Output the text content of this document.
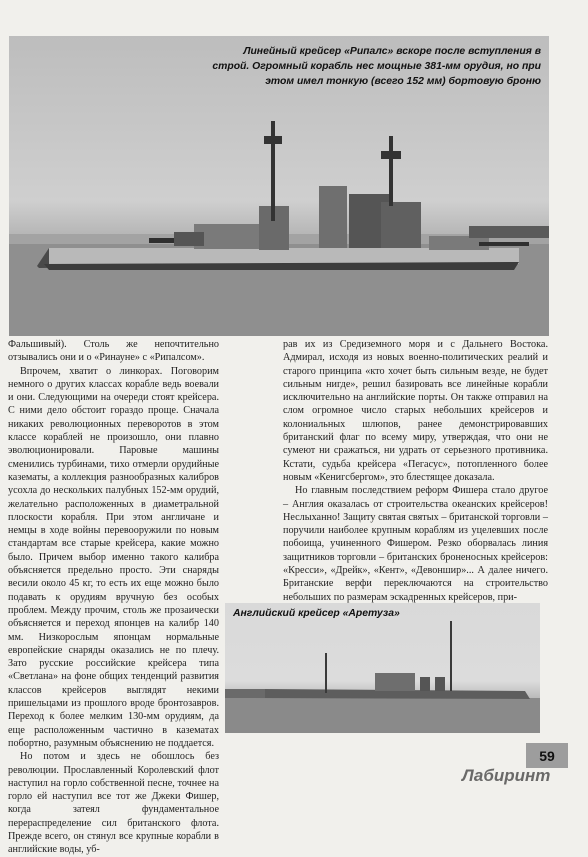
Линейный крейсер «Рипалс» вскоре после вступления в строй. Огромный корабль нес мощные 381-мм орудия, но при этом имел тонкую (всего 152 мм) бортовую броню

Фальшивый). Столь же непочтительно отзывались они и о «Ринауне» с «Рипалсом».

Впрочем, хватит о линкорах. Поговорим немного о других классах корабле ведь воевали и они. Следующими на очереди стоят крейсера. С ними дело обстоит гораздо проще. Сначала никаких революционных переворотов в этом классе кораблей не произошло, они плавно эволюционировали. Паровые машины сменились турбинами, тихо отмерли орудийные казематы, а коллекция разнообразных калибров усохла до нескольких палубных 152-мм орудий, желательно расположенных в диаметральной плоскости корабля. При этом англичане и немцы в ходе войны перевооружили по новым стандартам все старые крейсера, какие можно было. Причем выбор именно такого калибра объясняется предельно просто. Эти снаряды весили около 45 кг, то есть их еще можно было подавать к орудиям вручную без особых проблем. Между прочим, столь же прозаически объясняется и переход японцев на калибр 140 мм. Низкорослым японцам нормальные европейские снаряды оказались не по плечу. Зато русские российские крейсера типа «Светлана» на фоне общих тенденций развития классов крейсеров выглядят некими пришельцами из прошлого вроде бронтозавров. Переход к более мелким 130-мм орудиям, да еще расположенным частично в казематах побортно, разумным объяснению не поддается.

Но потом и здесь не обошлось без революции. Прославленный Королевский флот наступил на горло собственной песне, точнее на горло ей наступил все тот же Джеки Фишер, когда затеял фундаментальное перераспределение сил британского флота. Прежде всего, он стянул все крупные корабли в английские воды, уб-

рав их из Средиземного моря и с Дальнего Востока. Адмирал, исходя из новых военно-политических реалий и старого принципа «кто хочет быть сильным везде, не будет сильным нигде», решил базировать все линейные корабли исключительно на английские порты. Он также отправил на слом огромное число старых небольших крейсеров и колониальных шлюпов, ранее демонстрировавших британский флаг по всему миру, утверждая, что они не сумеют ни сражаться, ни удрать от серьезного противника. Кстати, судьба крейсера «Пегасус», потопленного более новым «Кенигсбергом», это блестящее доказала.

Но главным последствием реформ Фишера стало другое – Англия оказалась от строительства океанских крейсеров! Неслыханно! Защиту святая святых – британской торговли – поручили наиболее крупным кораблям из уцелевших после побоища, учиненного Фишером. Резко оборвалась линия защитников торговли – британских броненосных крейсеров: «Кресси», «Дрейк», «Кент», «Девоншир»... А далее ничего. Британские верфи переключаются на строительство небольших по размерам эскадренных крейсеров, при-

Английский крейсер «Аретуза»
59
Лабиринт
